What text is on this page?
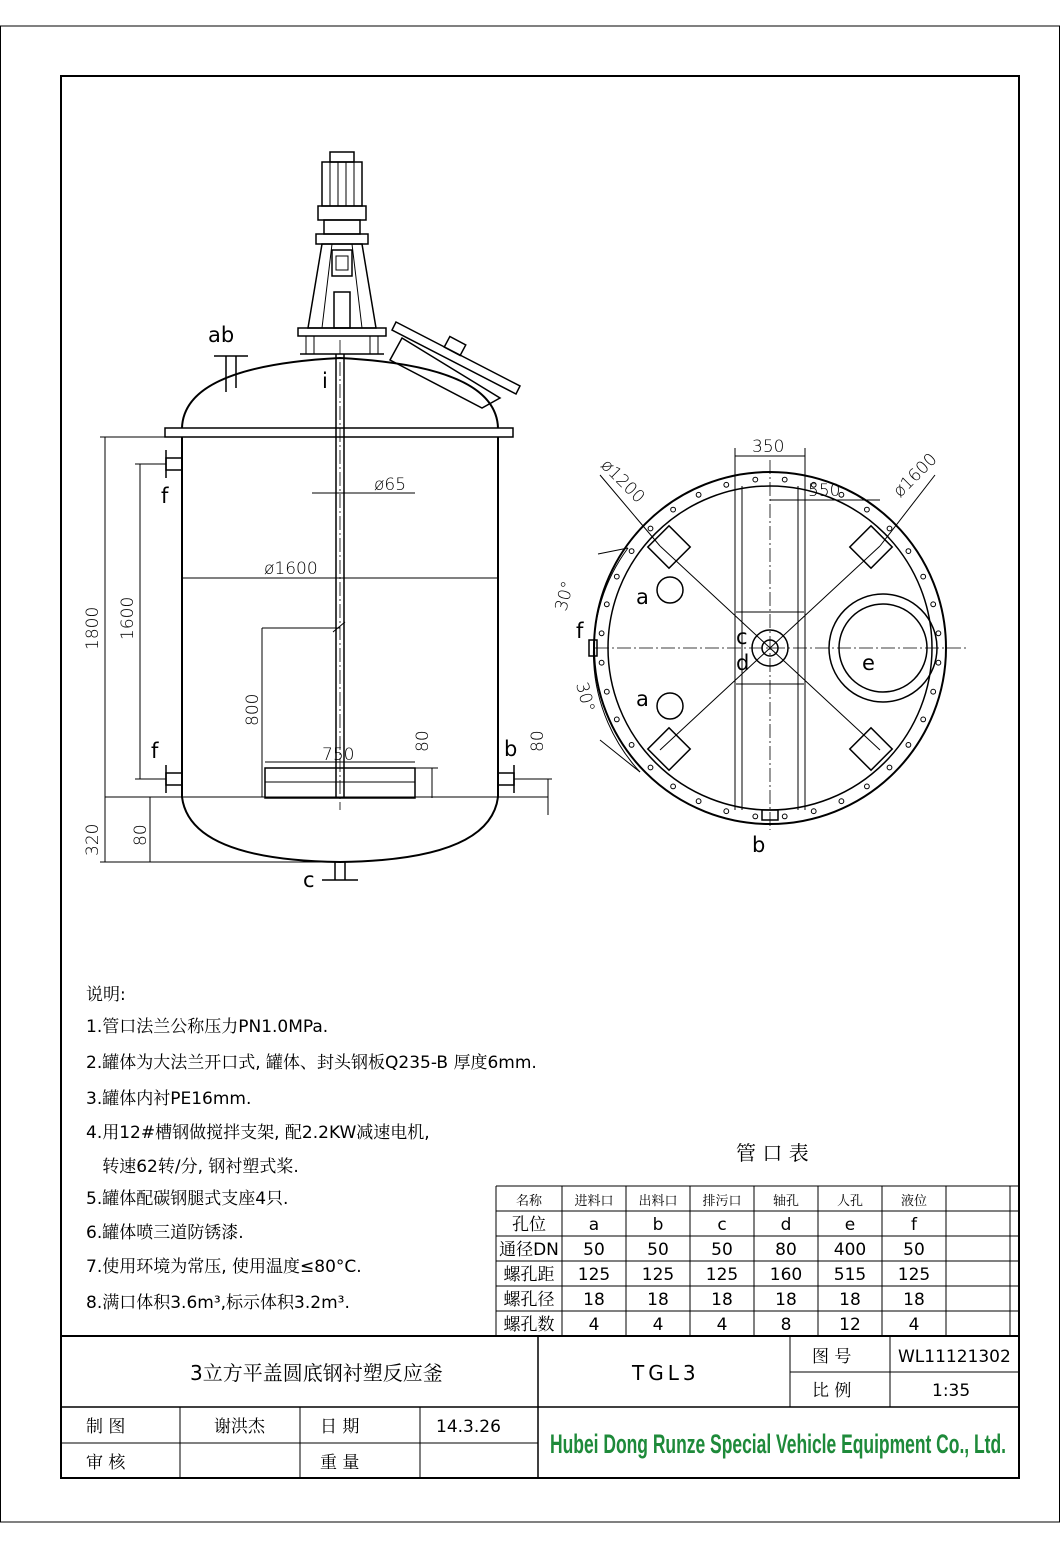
ab
i
f
f	b
c
ø65
ø1600
750
1800 1600
800
80	80
320 80
a
a
f	c
d	e
b
350
550
ø1200	ø1600
30°
30°
说明:
1.管口法兰公称压力PN1.0MPa.
2.罐体为大法兰开口式, 罐体、封头钢板Q235-B 厚度6mm.
3.罐体内衬PE16mm.
4.用12#槽钢做搅拌支架, 配2.2KW减速电机,
转速62转/分, 钢衬塑式桨.
5.罐体配碳钢腿式支座4只.
6.罐体喷三道防锈漆.
7.使用环境为常压, 使用温度≤80°C.
8.满口体积3.6m³,标示体积3.2m³.
管 口 表
名称 进料口 出料口 排污口 轴孔	人孔	液位
孔位	a	b	c	d	e	f
通径DN 50 50 50 80 400 50
螺孔距 125 125 125 160 515 125
螺孔径 18 18 18 18 18 18
螺孔数 4	4	4	8	12	4
3立方平盖圆底钢衬塑反应釜	TGL3
图 号	WL11121302
比 例	1:35
制 图	谢洪杰	日 期	14.3.26
审 核	重 量
Hubei Dong Runze Special Vehicle Equipment Co., Ltd.
